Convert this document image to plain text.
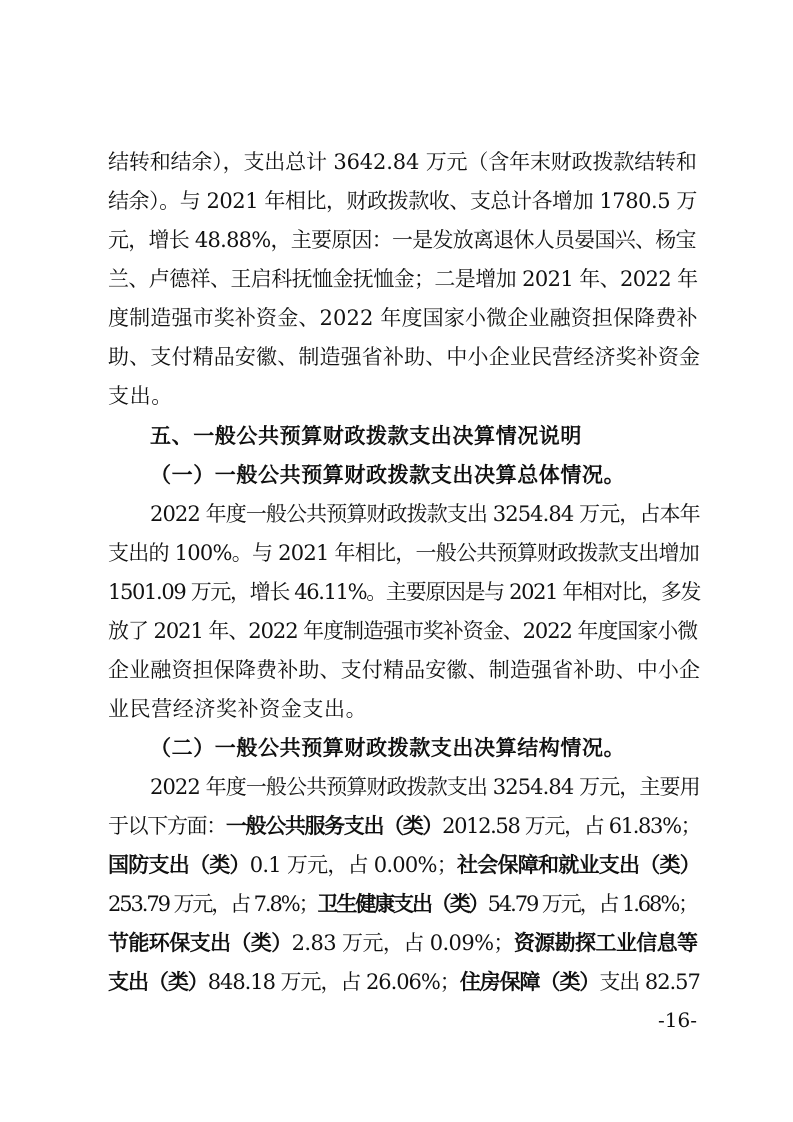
结转和结余），支出总计 3642.84 万元（含年末财政拨款结转和
结余）。与 2021 年相比，财政拨款收、支总计各增加 1780.5 万
元，增长 48.88%，主要原因：一是发放离退休人员晏国兴、杨宝
兰、卢德祥、王启科抚恤金抚恤金；二是增加 2021 年、2022 年
度制造强市奖补资金、2022 年度国家小微企业融资担保降费补
助、支付精品安徽、制造强省补助、中小企业民营经济奖补资金
支出。
五、一般公共预算财政拨款支出决算情况说明
（一）一般公共预算财政拨款支出决算总体情况。
2022 年度一般公共预算财政拨款支出 3254.84 万元，占本年
支出的 100%。与 2021 年相比，一般公共预算财政拨款支出增加
1501.09 万元，增长 46.11%。主要原因是与 2021 年相对比，多发
放了 2021 年、2022 年度制造强市奖补资金、2022 年度国家小微
企业融资担保降费补助、支付精品安徽、制造强省补助、中小企
业民营经济奖补资金支出。
（二）一般公共预算财政拨款支出决算结构情况。
2022 年度一般公共预算财政拨款支出 3254.84 万元，主要用
于以下方面：一般公共服务支出（类）2012.58 万元，占 61.83%；
国防支出（类）0.1 万元，占 0.00%；社会保障和就业支出（类）
253.79 万元，占 7.8%；卫生健康支出（类）54.79 万元，占 1.68%；
节能环保支出（类）2.83 万元，占 0.09%；资源勘探工业信息等
支出（类）848.18 万元，占 26.06%；住房保障（类）支出 82.57
-16-
